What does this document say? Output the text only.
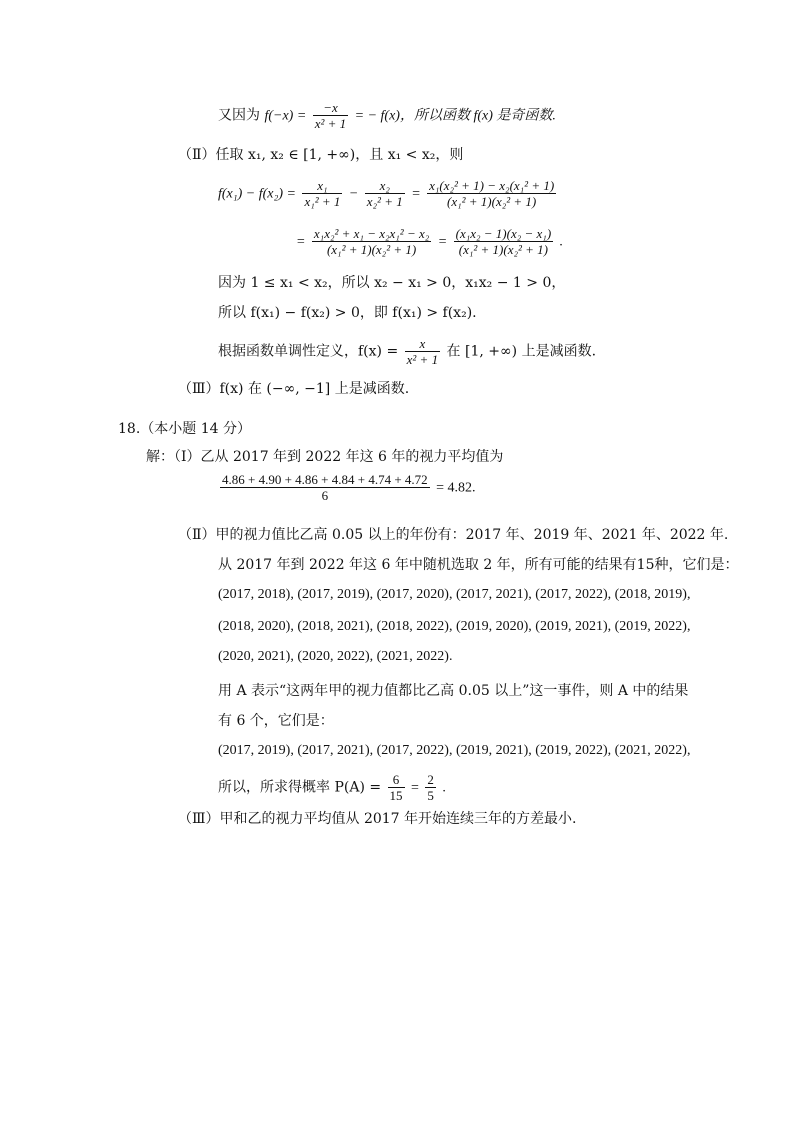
又因为 $f(-x) = \frac{-x}{\text{x² + 1}}$ = − f(x)，所以函数 f(x) 是奇函数.
（Ⅱ）任取 x₁, x₂ ∈ [1, +∞)，且 x₁ < x₂，则
$f(x_1) - f(x_2) = \frac{\text{x₁}}{\text{x₁² + 1}} - \frac{\text{x₂}}{\text{x₂² + 1}} = \frac{\text{x₁(x₂² + 1) − x₂(x₁² + 1)}}{\text{(x₁² + 1)(x₂² + 1)}}$
= $\frac{\text{x₁x₂² + x₁ − x₂x₁² − x₂}}{\text{(x₁² + 1)(x₂² + 1)}} = \frac{\text{(x₁x₂ − 1)(x₂ − x₁)}}{\text{(x₁² + 1)(x₂² + 1)}}$ .
因为 1 ≤ x₁ < x₂，所以 x₂ − x₁ > 0，x₁x₂ − 1 > 0，
所以 f(x₁) − f(x₂) > 0，即 f(x₁) > f(x₂).
根据函数单调性定义，$f(x) = \frac{x}{\text{x² + 1}}$ 在 [1, +∞) 上是减函数.
（Ⅲ）f(x) 在 (−∞, −1] 上是减函数.
18.（本小题 14 分）
解：（Ⅰ）乙从 2017 年到 2022 年这 6 年的视力平均值为
$\frac{4.86 + 4.90 + 4.86 + 4.84 + 4.74 + 4.72}{6} = 4.82$.
（Ⅱ）甲的视力值比乙高 0.05 以上的年份有：2017 年、2019 年、2021 年、2022 年.
从 2017 年到 2022 年这 6 年中随机选取 2 年，所有可能的结果有15种，它们是：
(2017, 2018), (2017, 2019), (2017, 2020), (2017, 2021), (2017, 2022), (2018, 2019),
(2018, 2020), (2018, 2021), (2018, 2022), (2019, 2020), (2019, 2021), (2019, 2022),
(2020, 2021), (2020, 2022), (2021, 2022).
用 A 表示“这两年甲的视力值都比乙高 0.05 以上”这一事件，则 A 中的结果
有 6 个，它们是：
(2017, 2019), (2017, 2021), (2017, 2022), (2019, 2021), (2019, 2022), (2021, 2022),
所以，所求得概率 $P(A) = \frac{6}{15} = \frac{2}{5}$ .
（Ⅲ）甲和乙的视力平均值从 2017 年开始连续三年的方差最小.
